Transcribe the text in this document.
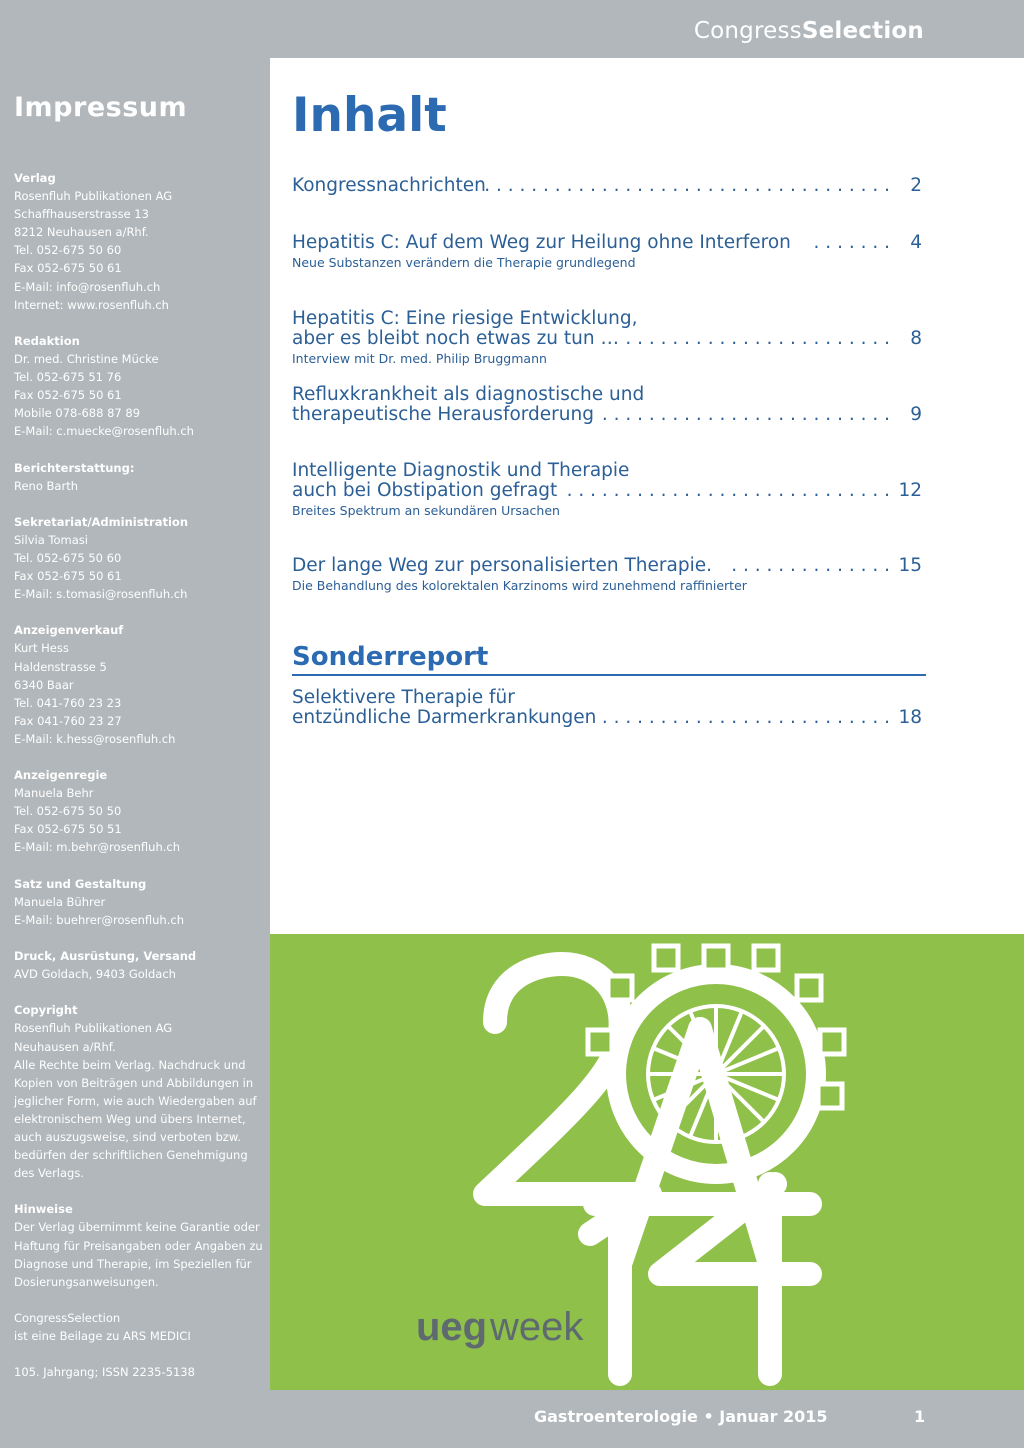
CongressSelection
Impressum
Verlag
Rosenfluh Publikationen AG
Schaffhauserstrasse 13
8212 Neuhausen a/Rhf.
Tel. 052-675 50 60
Fax 052-675 50 61
E-Mail: info@rosenfluh.ch
Internet: www.rosenfluh.ch
Redaktion
Dr. med. Christine Mücke
Tel. 052-675 51 76
Fax 052-675 50 61
Mobile 078-688 87 89
E-Mail: c.muecke@rosenfluh.ch
Berichterstattung:
Reno Barth
Sekretariat/Administration
Silvia Tomasi
Tel. 052-675 50 60
Fax 052-675 50 61
E-Mail: s.tomasi@rosenfluh.ch
Anzeigenverkauf
Kurt Hess
Haldenstrasse 5
6340 Baar
Tel. 041-760 23 23
Fax 041-760 23 27
E-Mail: k.hess@rosenfluh.ch
Anzeigenregie
Manuela Behr
Tel. 052-675 50 50
Fax 052-675 50 51
E-Mail: m.behr@rosenfluh.ch
Satz und Gestaltung
Manuela Bührer
E-Mail: buehrer@rosenfluh.ch
Druck, Ausrüstung, Versand
AVD Goldach, 9403 Goldach
Copyright
Rosenfluh Publikationen AG
Neuhausen a/Rhf.
Alle Rechte beim Verlag. Nachdruck und
Kopien von Beiträgen und Abbildungen in
jeglicher Form, wie auch Wiedergaben auf
elektronischem Weg und übers Internet,
auch auszugsweise, sind verboten bzw.
bedürfen der schriftlichen Genehmigung
des Verlags.
Hinweise
Der Verlag übernimmt keine Garantie oder
Haftung für Preisangaben oder Angaben zu
Diagnose und Therapie, im Speziellen für
Dosierungsanweisungen.
CongressSelection
ist eine Beilage zu ARS MEDICI
105. Jahrgang; ISSN 2235-5138
Inhalt
Kongressnachrichten
. . . . . . . . . . . . . . . . . . . . . . . . . . . . . . . . . . . 2
Hepatitis C: Auf dem Weg zur Heilung ohne Interferon . . . . . . . 4
Neue Substanzen verändern die Therapie grundlegend
Hepatitis C: Eine riesige Entwicklung,
aber es bleibt noch etwas zu tun … . . . . . . . . . . . . . . . . . . . . . . . 8
Interview mit Dr. med. Philip Bruggmann
Refluxkrankheit als diagnostische und
therapeutische Herausforderung . . . . . . . . . . . . . . . . . . . . . . . . . 9
Intelligente Diagnostik und Therapie
auch bei Obstipation gefragt . . . . . . . . . . . . . . . . . . . . . . . . . . . . 12
Breites Spektrum an sekundären Ursachen
Der lange Weg zur personalisierten Therapie. . . . . . . . . . . . . . . 15
Die Behandlung des kolorektalen Karzinoms wird zunehmend raffinierter
Sonderreport
Selektivere Therapie für
entzündliche Darmerkrankungen . . . . . . . . . . . . . . . . . . . . . . . . . 18
ueg week
Gastroenterologie • Januar 2015	1
